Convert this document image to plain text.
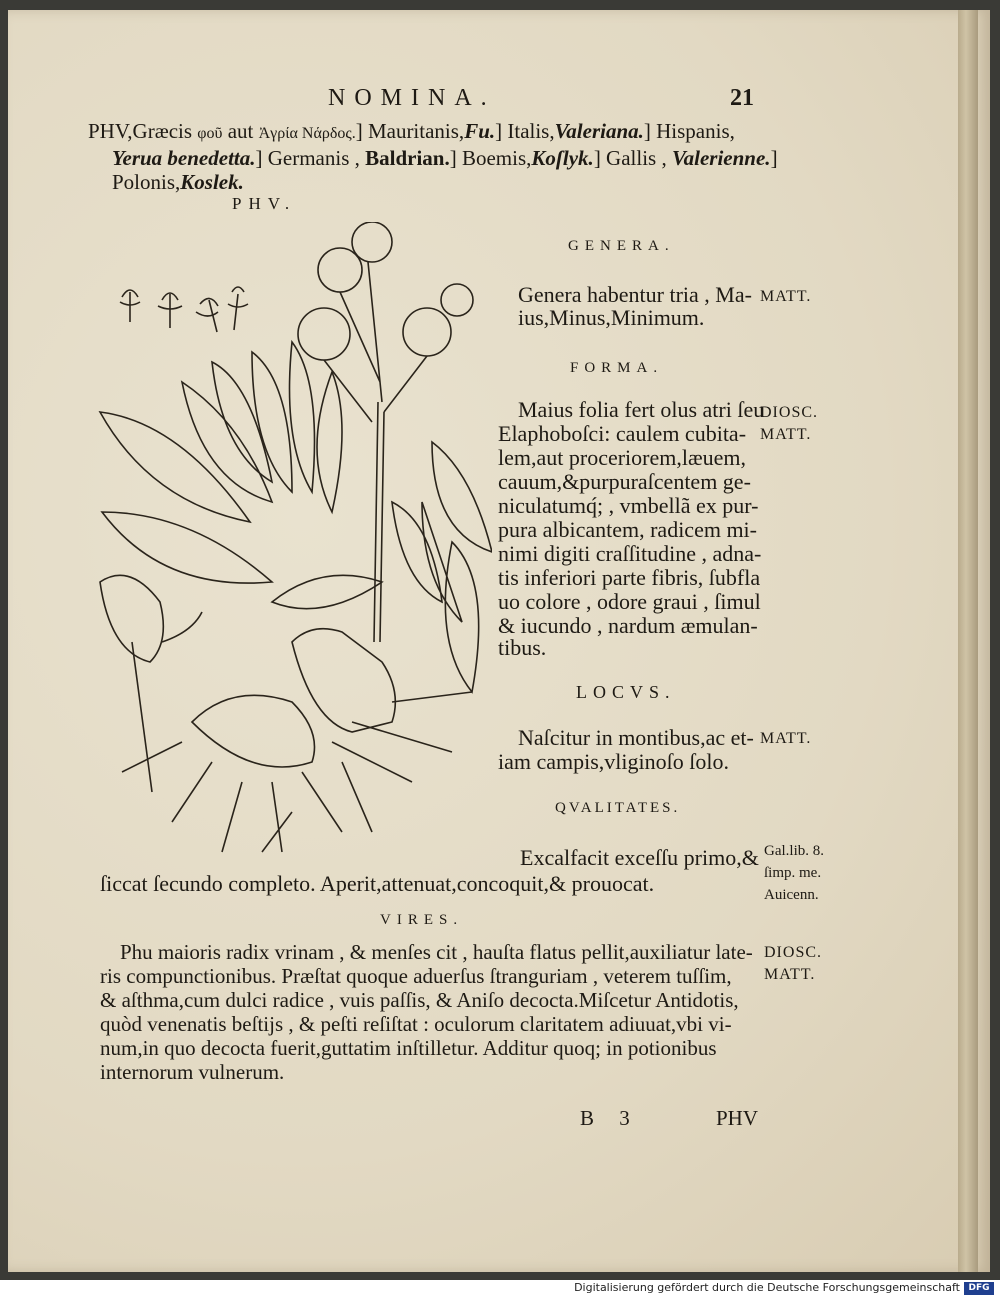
NOMINA.	21
PHV,Græcis φοῦ aut Ἀγρία Νάρδος.] Mauritanis,Fu.] Italis,Valeriana.] Hispanis,
Yerua benedetta.] Germanis , Baldrian.] Boemis,Koſlyk.] Gallis , Valerienne.]
Polonis,Koslek.
PHV.
GENERA.
Genera habentur tria , Ma-
ius,Minus,Minimum.
MATT.
FORMA.
Maius folia fert olus atri ſeu
Elaphoboſci: caulem cubita-
lem,aut proceriorem,læuem,
cauum,&purpuraſcentem ge-
niculatumq́; , vmbellã ex pur-
pura albicantem, radicem mi-
nimi digiti craſſitudine , adna-
tis inferiori parte fibris, ſubfla
uo colore , odore graui , ſimul
& iucundo , nardum æmulan-
tibus.
DIOSC.
MATT.
LOCVS.
Naſcitur in montibus,ac et-
iam campis,vliginoſo ſolo.
MATT.
QVALITATES.
Excalfacit exceſſu primo,&
ſiccat ſecundo completo. Aperit,attenuat,concoquit,& prouocat.
Gal.lib. 8.
ſimp. me.
Auicenn.
VIRES.
Phu maioris radix vrinam , & menſes cit , hauſta flatus pellit,auxiliatur late-
ris compunctionibus. Præſtat quoque aduerſus ſtranguriam , veterem tuſſim,
& aſthma,cum dulci radice , vuis paſſis, & Aniſo decocta.Miſcetur Antidotis,
quòd venenatis beſtijs , & peſti reſiſtat : oculorum claritatem adiuuat,vbi vi-
num,in quo decocta fuerit,guttatim inſtilletur. Additur quoq; in potionibus
internorum vulnerum.
DIOSC.
MATT.
B 3	PHV
Digitalisierung gefördert durch die Deutsche Forschungsgemeinschaft DFG
